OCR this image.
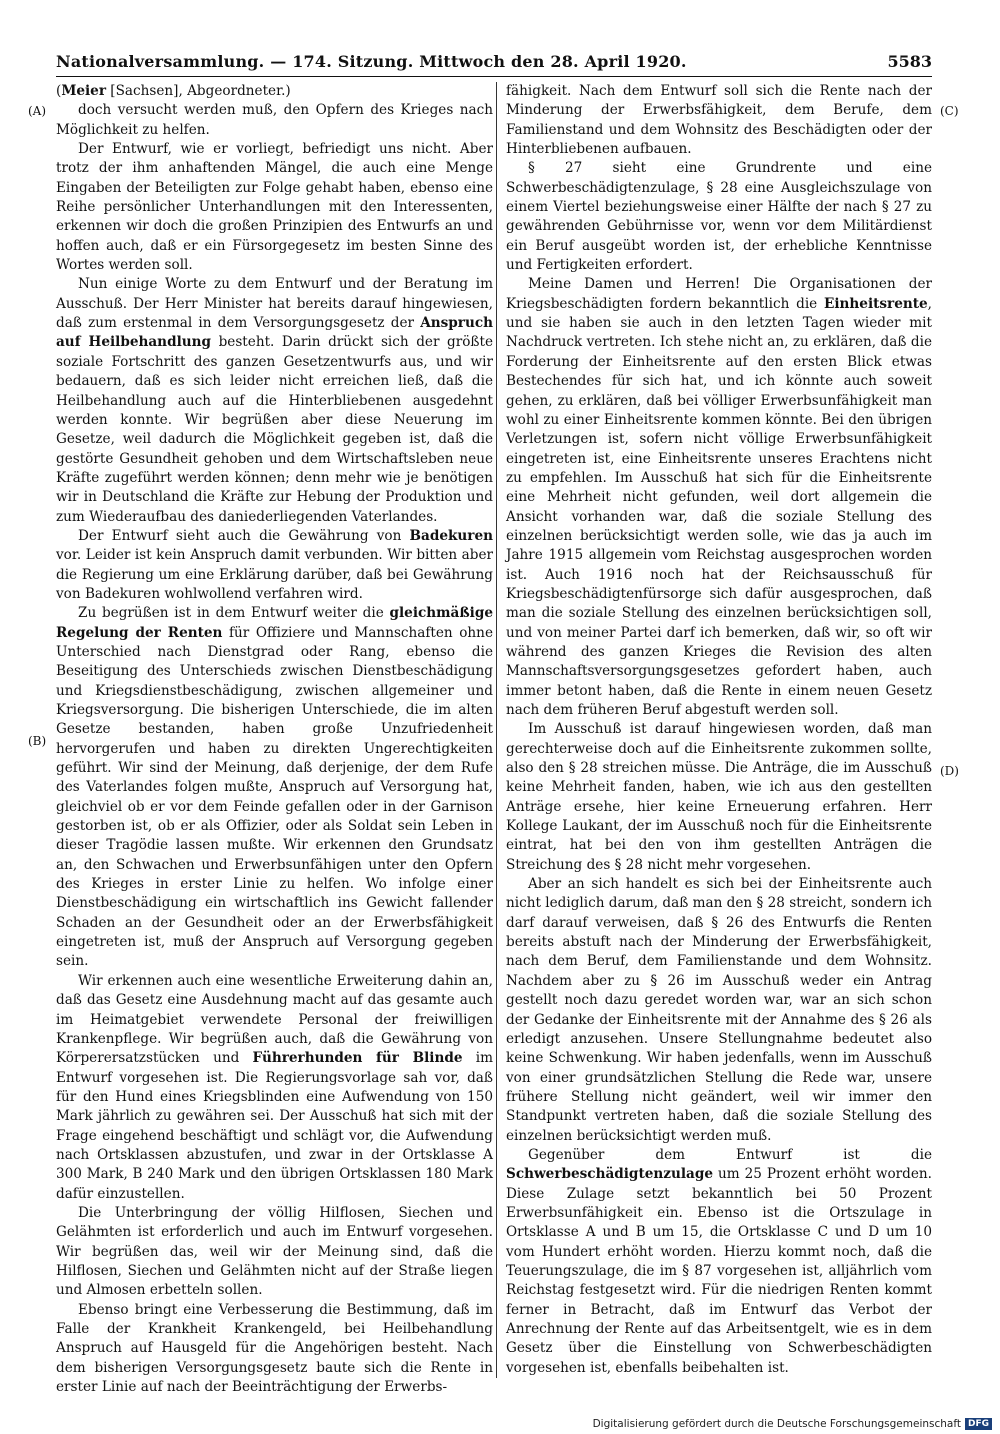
Nationalversammlung. — 174. Sitzung. Mittwoch den 28. April 1920.	5583
(A)
(B)
(C)
(D)

(Meier [Sachsen], Abgeordneter.)

doch versucht werden muß, den Opfern des Krieges nach Möglichkeit zu helfen.

Der Entwurf, wie er vorliegt, befriedigt uns nicht. Aber trotz der ihm anhaftenden Mängel, die auch eine Menge Eingaben der Beteiligten zur Folge gehabt haben, ebenso eine Reihe persönlicher Unterhandlungen mit den Interessenten, erkennen wir doch die großen Prinzipien des Entwurfs an und hoffen auch, daß er ein Fürsorgegesetz im besten Sinne des Wortes werden soll.

Nun einige Worte zu dem Entwurf und der Beratung im Ausschuß. Der Herr Minister hat bereits darauf hingewiesen, daß zum erstenmal in dem Versorgungsgesetz der Anspruch auf Heilbehandlung besteht. Darin drückt sich der größte soziale Fortschritt des ganzen Gesetzentwurfs aus, und wir bedauern, daß es sich leider nicht erreichen ließ, daß die Heilbehandlung auch auf die Hinterbliebenen ausgedehnt werden konnte. Wir begrüßen aber diese Neuerung im Gesetze, weil dadurch die Möglichkeit gegeben ist, daß die gestörte Gesundheit gehoben und dem Wirtschaftsleben neue Kräfte zugeführt werden können; denn mehr wie je benötigen wir in Deutschland die Kräfte zur Hebung der Produktion und zum Wiederaufbau des daniederliegenden Vaterlandes.

Der Entwurf sieht auch die Gewährung von Badekuren vor. Leider ist kein Anspruch damit verbunden. Wir bitten aber die Regierung um eine Erklärung darüber, daß bei Gewährung von Badekuren wohlwollend verfahren wird.

Zu begrüßen ist in dem Entwurf weiter die gleichmäßige Regelung der Renten für Offiziere und Mannschaften ohne Unterschied nach Dienstgrad oder Rang, ebenso die Beseitigung des Unterschieds zwischen Dienstbeschädigung und Kriegsdienstbeschädigung, zwischen allgemeiner und Kriegsversorgung. Die bisherigen Unterschiede, die im alten Gesetze bestanden, haben große Unzufriedenheit hervorgerufen und haben zu direkten Ungerechtigkeiten geführt. Wir sind der Meinung, daß derjenige, der dem Rufe des Vaterlandes folgen mußte, Anspruch auf Versorgung hat, gleichviel ob er vor dem Feinde gefallen oder in der Garnison gestorben ist, ob er als Offizier, oder als Soldat sein Leben in dieser Tragödie lassen mußte. Wir erkennen den Grundsatz an, den Schwachen und Erwerbsunfähigen unter den Opfern des Krieges in erster Linie zu helfen. Wo infolge einer Dienstbeschädigung ein wirtschaftlich ins Gewicht fallender Schaden an der Gesundheit oder an der Erwerbsfähigkeit eingetreten ist, muß der Anspruch auf Versorgung gegeben sein.

Wir erkennen auch eine wesentliche Erweiterung dahin an, daß das Gesetz eine Ausdehnung macht auf das gesamte auch im Heimatgebiet verwendete Personal der freiwilligen Krankenpflege. Wir begrüßen auch, daß die Gewährung von Körperersatzstücken und Führerhunden für Blinde im Entwurf vorgesehen ist. Die Regierungsvorlage sah vor, daß für den Hund eines Kriegsblinden eine Aufwendung von 150 Mark jährlich zu gewähren sei. Der Ausschuß hat sich mit der Frage eingehend beschäftigt und schlägt vor, die Aufwendung nach Ortsklassen abzustufen, und zwar in der Ortsklasse A 300 Mark, B 240 Mark und den übrigen Ortsklassen 180 Mark dafür einzustellen.

Die Unterbringung der völlig Hilflosen, Siechen und Gelähmten ist erforderlich und auch im Entwurf vorgesehen. Wir begrüßen das, weil wir der Meinung sind, daß die Hilflosen, Siechen und Gelähmten nicht auf der Straße liegen und Almosen erbetteln sollen.

Ebenso bringt eine Verbesserung die Bestimmung, daß im Falle der Krankheit Krankengeld, bei Heilbehandlung Anspruch auf Hausgeld für die Angehörigen besteht. Nach dem bisherigen Versorgungsgesetz baute sich die Rente in erster Linie auf nach der Beeinträchtigung der Erwerbs-

fähigkeit. Nach dem Entwurf soll sich die Rente nach der Minderung der Erwerbsfähigkeit, dem Berufe, dem Familienstand und dem Wohnsitz des Beschädigten oder der Hinterbliebenen aufbauen.

§ 27 sieht eine Grundrente und eine Schwerbeschädigtenzulage, § 28 eine Ausgleichszulage von einem Viertel beziehungsweise einer Hälfte der nach § 27 zu gewährenden Gebührnisse vor, wenn vor dem Militärdienst ein Beruf ausgeübt worden ist, der erhebliche Kenntnisse und Fertigkeiten erfordert.

Meine Damen und Herren! Die Organisationen der Kriegsbeschädigten fordern bekanntlich die Einheitsrente, und sie haben sie auch in den letzten Tagen wieder mit Nachdruck vertreten. Ich stehe nicht an, zu erklären, daß die Forderung der Einheitsrente auf den ersten Blick etwas Bestechendes für sich hat, und ich könnte auch soweit gehen, zu erklären, daß bei völliger Erwerbsunfähigkeit man wohl zu einer Einheitsrente kommen könnte. Bei den übrigen Verletzungen ist, sofern nicht völlige Erwerbsunfähigkeit eingetreten ist, eine Einheitsrente unseres Erachtens nicht zu empfehlen. Im Ausschuß hat sich für die Einheitsrente eine Mehrheit nicht gefunden, weil dort allgemein die Ansicht vorhanden war, daß die soziale Stellung des einzelnen berücksichtigt werden solle, wie das ja auch im Jahre 1915 allgemein vom Reichstag ausgesprochen worden ist. Auch 1916 noch hat der Reichsausschuß für Kriegsbeschädigtenfürsorge sich dafür ausgesprochen, daß man die soziale Stellung des einzelnen berücksichtigen soll, und von meiner Partei darf ich bemerken, daß wir, so oft wir während des ganzen Krieges die Revision des alten Mannschaftsversorgungsgesetzes gefordert haben, auch immer betont haben, daß die Rente in einem neuen Gesetz nach dem früheren Beruf abgestuft werden soll.

Im Ausschuß ist darauf hingewiesen worden, daß man gerechterweise doch auf die Einheitsrente zukommen sollte, also den § 28 streichen müsse. Die Anträge, die im Ausschuß keine Mehrheit fanden, haben, wie ich aus den gestellten Anträge ersehe, hier keine Erneuerung erfahren. Herr Kollege Laukant, der im Ausschuß noch für die Einheitsrente eintrat, hat bei den von ihm gestellten Anträgen die Streichung des § 28 nicht mehr vorgesehen.

Aber an sich handelt es sich bei der Einheitsrente auch nicht lediglich darum, daß man den § 28 streicht, sondern ich darf darauf verweisen, daß § 26 des Entwurfs die Renten bereits abstuft nach der Minderung der Erwerbsfähigkeit, nach dem Beruf, dem Familienstande und dem Wohnsitz. Nachdem aber zu § 26 im Ausschuß weder ein Antrag gestellt noch dazu geredet worden war, war an sich schon der Gedanke der Einheitsrente mit der Annahme des § 26 als erledigt anzusehen. Unsere Stellungnahme bedeutet also keine Schwenkung. Wir haben jedenfalls, wenn im Ausschuß von einer grundsätzlichen Stellung die Rede war, unsere frühere Stellung nicht geändert, weil wir immer den Standpunkt vertreten haben, daß die soziale Stellung des einzelnen berücksichtigt werden muß.

Gegenüber dem Entwurf ist die Schwerbeschädigtenzulage um 25 Prozent erhöht worden. Diese Zulage setzt bekanntlich bei 50 Prozent Erwerbsunfähigkeit ein. Ebenso ist die Ortszulage in Ortsklasse A und B um 15, die Ortsklasse C und D um 10 vom Hundert erhöht worden. Hierzu kommt noch, daß die Teuerungszulage, die im § 87 vorgesehen ist, alljährlich vom Reichstag festgesetzt wird. Für die niedrigen Renten kommt ferner in Betracht, daß im Entwurf das Verbot der Anrechnung der Rente auf das Arbeitsentgelt, wie es in dem Gesetz über die Einstellung von Schwerbeschädigten vorgesehen ist, ebenfalls beibehalten ist.

Digitalisierung gefördert durch die Deutsche Forschungsgemeinschaft DFG
